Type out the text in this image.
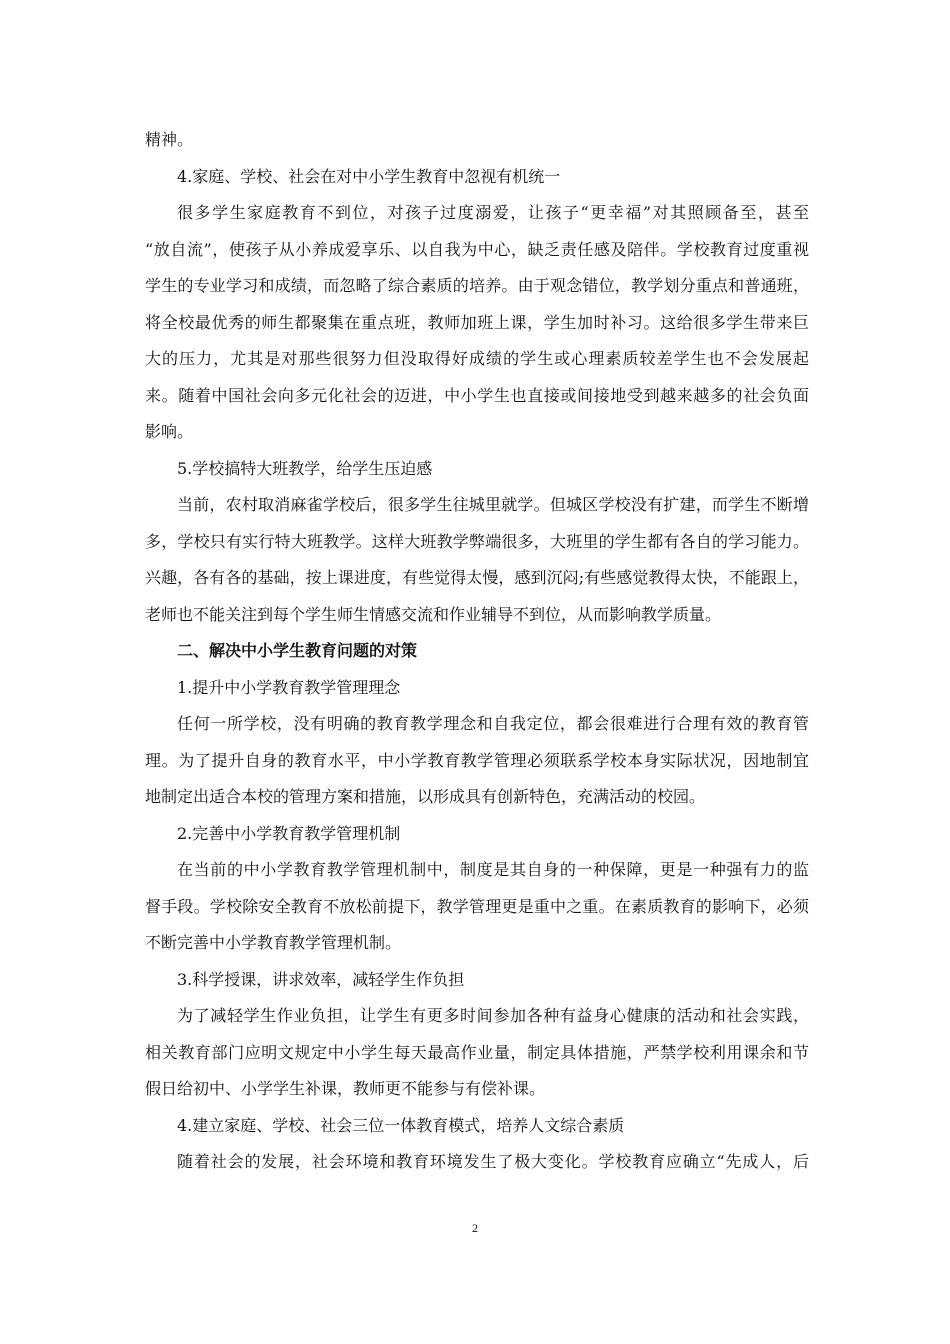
精神。
4.家庭、学校、社会在对中小学生教育中忽视有机统一
很多学生家庭教育不到位，对孩子过度溺爱，让孩子“更幸福”对其照顾备至，甚至
“放自流”，使孩子从小养成爱享乐、以自我为中心，缺乏责任感及陪伴。学校教育过度重视
学生的专业学习和成绩，而忽略了综合素质的培养。由于观念错位，教学划分重点和普通班，
将全校最优秀的师生都聚集在重点班，教师加班上课，学生加时补习。这给很多学生带来巨
大的压力，尤其是对那些很努力但没取得好成绩的学生或心理素质较差学生也不会发展起
来。随着中国社会向多元化社会的迈进，中小学生也直接或间接地受到越来越多的社会负面
影响。
5.学校搞特大班教学，给学生压迫感
当前，农村取消麻雀学校后，很多学生往城里就学。但城区学校没有扩建，而学生不断增
多，学校只有实行特大班教学。这样大班教学弊端很多，大班里的学生都有各自的学习能力。
兴趣，各有各的基础，按上课进度，有些觉得太慢，感到沉闷;有些感觉教得太快，不能跟上，
老师也不能关注到每个学生师生情感交流和作业辅导不到位，从而影响教学质量。
二、解决中小学生教育问题的对策
1.提升中小学教育教学管理理念
任何一所学校，没有明确的教育教学理念和自我定位，都会很难进行合理有效的教育管
理。为了提升自身的教育水平，中小学教育教学管理必须联系学校本身实际状况，因地制宜
地制定出适合本校的管理方案和措施，以形成具有创新特色，充满活动的校园。
2.完善中小学教育教学管理机制
在当前的中小学教育教学管理机制中，制度是其自身的一种保障，更是一种强有力的监
督手段。学校除安全教育不放松前提下，教学管理更是重中之重。在素质教育的影响下，必须
不断完善中小学教育教学管理机制。
3.科学授课，讲求效率，减轻学生作负担
为了减轻学生作业负担，让学生有更多时间参加各种有益身心健康的活动和社会实践，
相关教育部门应明文规定中小学生每天最高作业量，制定具体措施，严禁学校利用课余和节
假日给初中、小学学生补课，教师更不能参与有偿补课。
4.建立家庭、学校、社会三位一体教育模式，培养人文综合素质
随着社会的发展，社会环境和教育环境发生了极大变化。学校教育应确立“先成人，后
2
